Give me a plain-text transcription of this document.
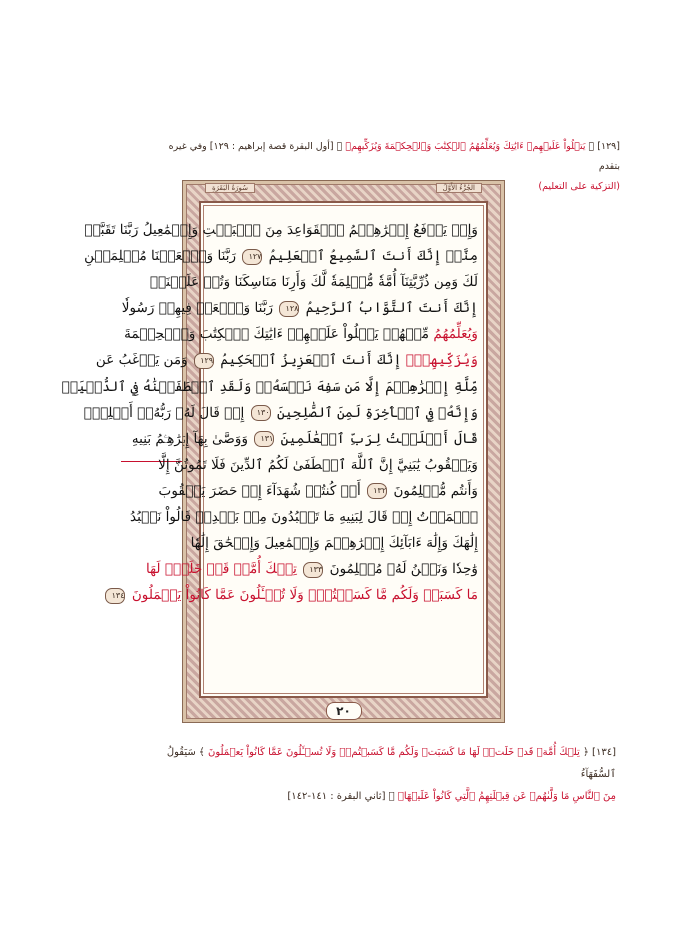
[١٢٩] ﴿ يَتۡلُواْ عَلَيۡهِمۡ ءَايَٰتِكَ وَيُعَلِّمُهُمُ ٱلۡكِتَٰبَ وَٱلۡحِكۡمَةَ وَيُزَكِّيهِمۡ ﴾ [أول البقرة قصة إبراهيم : ١٢٩] وفي غيره بتقدم
(التزكية على التعليم)
سُورَةُ البَقَرَةِ	الجُزْءُ الأَوَّلُ
وَإِذۡ يَرۡفَعُ إِبۡرَٰهِـۧمُ ٱلۡقَوَاعِدَ مِنَ ٱلۡبَيۡتِ وَإِسۡمَٰعِيلُ رَبَّنَا تَقَبَّلۡ
مِنَّآۖ إِنَّكَ أَنتَ ٱلسَّمِيعُ ٱلۡعَلِيمُ ١٢٧ رَبَّنَا وَٱجۡعَلۡنَا مُسۡلِمَيۡنِ
لَكَ وَمِن ذُرِّيَّتِنَآ أُمَّةٗ مُّسۡلِمَةٗ لَّكَ وَأَرِنَا مَنَاسِكَنَا وَتُبۡ عَلَيۡنَآۖ
إِنَّكَ أَنتَ ٱلتَّوَّابُ ٱلرَّحِيمُ ١٢٨ رَبَّنَا وَٱبۡعَثۡ فِيهِمۡ رَسُولٗا
وَيُعَلِّمُهُمُ مِّنۡهُمۡ يَتۡلُواْ عَلَيۡهِمۡ ءَايَٰتِكَ ٱلۡكِتَٰبَ وَٱلۡحِكۡمَةَ
وَيُزَكِّيهِمۡۖ إِنَّكَ أَنتَ ٱلۡعَزِيزُ ٱلۡحَكِيمُ ١٢٩ وَمَن يَرۡغَبُ عَن
مِّلَّةِ إِبۡرَٰهِـۧمَ إِلَّا مَن سَفِهَ نَفۡسَهُۥۚ وَلَقَدِ ٱصۡطَفَيۡنَٰهُ فِي ٱلدُّنۡيَاۖ
وَإِنَّهُۥ فِي ٱلۡأٓخِرَةِ لَمِنَ ٱلصَّٰلِحِينَ ١٣٠ إِذۡ قَالَ لَهُۥ رَبُّهُۥٓ أَسۡلِمۡۖ
قَالَ أَسۡلَمۡتُ لِرَبِّ ٱلۡعَٰلَمِينَ ١٣١ وَوَصَّىٰ بِهَآ إِبۡرَٰهِـۧمُ بَنِيهِ
وَيَعۡقُوبُ يَٰبَنِيَّ إِنَّ ٱللَّهَ ٱصۡطَفَىٰ لَكُمُ ٱلدِّينَ فَلَا تَمُوتُنَّ إِلَّا
وَأَنتُم مُّسۡلِمُونَ ١٣٢ أَمۡ كُنتُمۡ شُهَدَآءَ إِذۡ حَضَرَ يَعۡقُوبَ
ٱلۡمَوۡتُ إِذۡ قَالَ لِبَنِيهِ مَا تَعۡبُدُونَ مِنۢ بَعۡدِيۖ قَالُواْ نَعۡبُدُ
إِلَٰهَكَ وَإِلَٰهَ ءَابَآئِكَ إِبۡرَٰهِـۧمَ وَإِسۡمَٰعِيلَ وَإِسۡحَٰقَ إِلَٰهٗا
وَٰحِدٗا وَنَحۡنُ لَهُۥ مُسۡلِمُونَ ١٣٣ تِلۡكَ أُمَّةٞ قَدۡ خَلَتۡۖ لَهَا
مَا كَسَبَتۡ وَلَكُم مَّا كَسَبۡتُمۡۖ وَلَا تُسۡـَٔلُونَ عَمَّا كَانُواْ يَعۡمَلُونَ ١٣٤
٢٠
[١٣٤] ﴿ تِلۡكَ أُمَّةٞ قَدۡ خَلَتۡۖ لَهَا مَا كَسَبَتۡ وَلَكُم مَّا كَسَبۡتُمۡۖ وَلَا تُسۡـَٔلُونَ عَمَّا كَانُواْ يَعۡمَلُونَ ﴾ سَيَقُولُ ٱلسُّفَهَآءُ
مِنَ ٱلنَّاسِ مَا وَلَّىٰهُمۡ عَن قِبۡلَتِهِمُ ٱلَّتِي كَانُواْ عَلَيۡهَاۚ ﴾ [ثاني البقرة : ١٤١-١٤٢]
